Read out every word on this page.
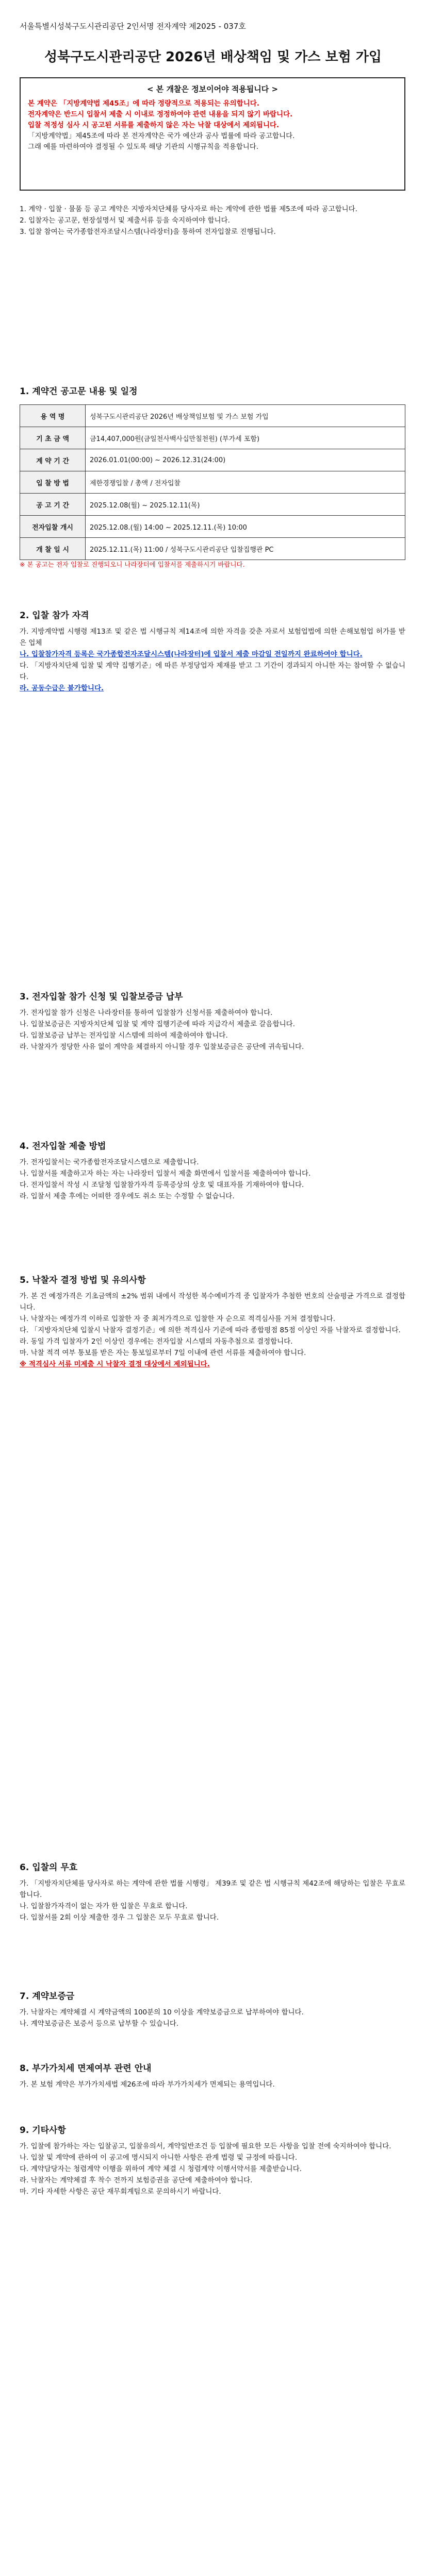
서울특별시성북구도시관리공단 2인서명 전자계약 제2025 - 037호
성북구도시관리공단 2026년 배상책임 및 가스 보험 가입
< 본 개찰은 정보이어야 적용됩니다 >
본 계약은 「지방계약법 제45조」에 따라 정량적으로 적용되는 유의합니다.
전자계약은 반드시 입찰서 제출 시 이내로 정정하여야 관련 내용을 되지 않기 바랍니다.
입찰 적정성 심사 시 공고된 서류를 제출하지 않은 자는 낙찰 대상에서 제외됩니다.
「지방계약법」제45조에 따라 본 전자계약은 국가 예산과 공사 법률에 따라 공고합니다.
그래 예를 마련하여야 결정될 수 있도록 해당 기관의 시행규칙을 적용합니다.
1. 계약 · 입찰 · 물품 등 공고 계약은 지방자치단체를 당사자로 하는 계약에 관한 법률 제5조에 따라 공고합니다.
2. 입찰자는 공고문, 현장설명서 및 제출서류 등을 숙지하여야 합니다.
3. 입찰 참여는 국가종합전자조달시스템(나라장터)을 통하여 전자입찰로 진행됩니다.
1. 계약건 공고문 내용 및 일정
용 역 명	성북구도시관리공단 2026년 배상책임보험 및 가스 보험 가입
기 초 금 액	금14,407,000원(금일천사백사십만칠천원) (부가세 포함)
계 약 기 간	2026.01.01(00:00) ~ 2026.12.31(24:00)
입 찰 방 법	제한경쟁입찰 / 총액 / 전자입찰
공 고 기 간	2025.12.08(월) ~ 2025.12.11(목)
전자입찰 개시	2025.12.08.(월) 14:00 ~ 2025.12.11.(목) 10:00
개 찰 일 시	2025.12.11.(목) 11:00 / 성북구도시관리공단 입찰집행관 PC
※ 본 공고는 전자 입찰로 진행되오니 나라장터에 입찰서를 제출하시기 바랍니다.
2. 입찰 참가 자격
가. 지방계약법 시행령 제13조 및 같은 법 시행규칙 제14조에 의한 자격을 갖춘 자로서 보험업법에 의한 손해보험업 허가를 받은 업체
나. 입찰참가자격 등록은 국가종합전자조달시스템(나라장터)에 입찰서 제출 마감일 전일까지 완료하여야 합니다.
다. 「지방자치단체 입찰 및 계약 집행기준」에 따른 부정당업자 제재를 받고 그 기간이 경과되지 아니한 자는 참여할 수 없습니다.
라. 공동수급은 불가합니다.
3. 전자입찰 참가 신청 및 입찰보증금 납부
가. 전자입찰 참가 신청은 나라장터를 통하여 입찰참가 신청서를 제출하여야 합니다.
나. 입찰보증금은 지방자치단체 입찰 및 계약 집행기준에 따라 지급각서 제출로 갈음합니다.
다. 입찰보증금 납부는 전자입찰 시스템에 의하여 제출하여야 합니다.
라. 낙찰자가 정당한 사유 없이 계약을 체결하지 아니할 경우 입찰보증금은 공단에 귀속됩니다.
4. 전자입찰 제출 방법
가. 전자입찰서는 국가종합전자조달시스템으로 제출합니다.
나. 입찰서를 제출하고자 하는 자는 나라장터 입찰서 제출 화면에서 입찰서를 제출하여야 합니다.
다. 전자입찰서 작성 시 조달청 입찰참가자격 등록증상의 상호 및 대표자를 기재하여야 합니다.
라. 입찰서 제출 후에는 어떠한 경우에도 취소 또는 수정할 수 없습니다.
5. 낙찰자 결정 방법 및 유의사항
가. 본 건 예정가격은 기초금액의 ±2% 범위 내에서 작성한 복수예비가격 중 입찰자가 추첨한 번호의 산술평균 가격으로 결정합니다.
나. 낙찰자는 예정가격 이하로 입찰한 자 중 최저가격으로 입찰한 자 순으로 적격심사를 거쳐 결정합니다.
다. 「지방자치단체 입찰시 낙찰자 결정기준」에 의한 적격심사 기준에 따라 종합평점 85점 이상인 자를 낙찰자로 결정합니다.
라. 동일 가격 입찰자가 2인 이상인 경우에는 전자입찰 시스템의 자동추첨으로 결정합니다.
마. 낙찰 적격 여부 통보를 받은 자는 통보일로부터 7일 이내에 관련 서류를 제출하여야 합니다.
※ 적격심사 서류 미제출 시 낙찰자 결정 대상에서 제외됩니다.
6. 입찰의 무효
가. 「지방자치단체를 당사자로 하는 계약에 관한 법률 시행령」 제39조 및 같은 법 시행규칙 제42조에 해당하는 입찰은 무효로 합니다.
나. 입찰참가자격이 없는 자가 한 입찰은 무효로 합니다.
다. 입찰서를 2회 이상 제출한 경우 그 입찰은 모두 무효로 합니다.
7. 계약보증금
가. 낙찰자는 계약체결 시 계약금액의 100분의 10 이상을 계약보증금으로 납부하여야 합니다.
나. 계약보증금은 보증서 등으로 납부할 수 있습니다.
8. 부가가치세 면제여부 관련 안내
가. 본 보험 계약은 부가가치세법 제26조에 따라 부가가치세가 면제되는 용역입니다.
9. 기타사항
가. 입찰에 참가하는 자는 입찰공고, 입찰유의서, 계약일반조건 등 입찰에 필요한 모든 사항을 입찰 전에 숙지하여야 합니다.
나. 입찰 및 계약에 관하여 이 공고에 명시되지 아니한 사항은 관계 법령 및 규정에 따릅니다.
다. 계약담당자는 청렴계약 이행을 위하여 계약 체결 시 청렴계약 이행서약서를 제출받습니다.
라. 낙찰자는 계약체결 후 착수 전까지 보험증권을 공단에 제출하여야 합니다.
마. 기타 자세한 사항은 공단 재무회계팀으로 문의하시기 바랍니다.
